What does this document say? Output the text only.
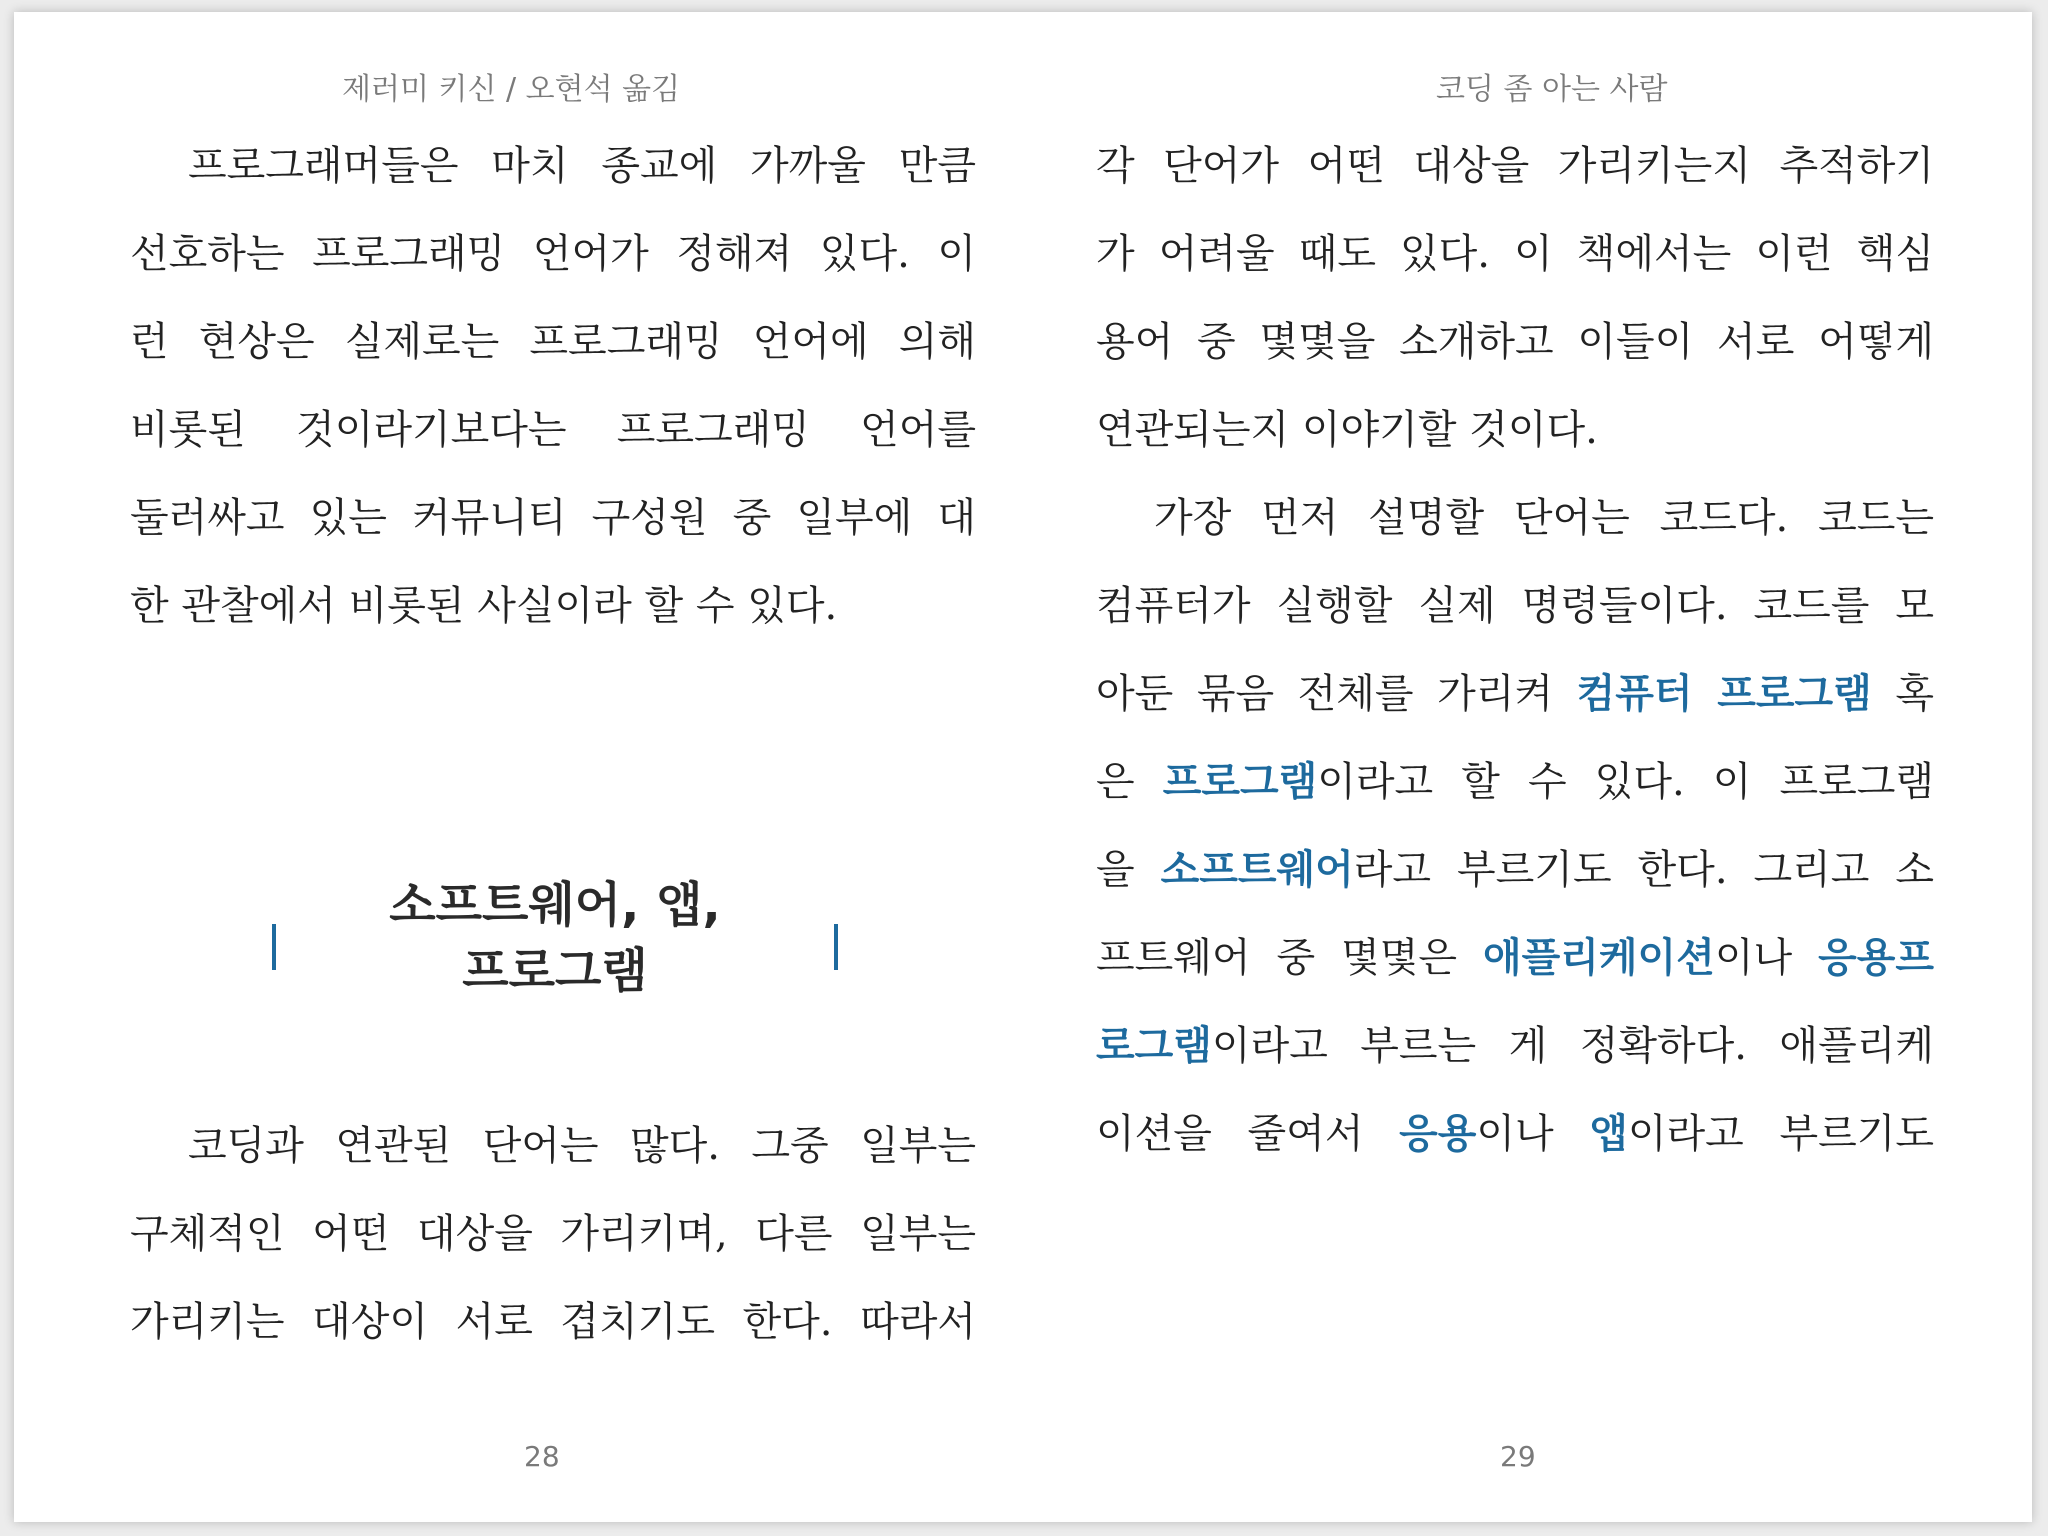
제러미 키신 / 오현석 옮김
프로그래머들은 마치 종교에 가까울 만큼
선호하는 프로그래밍 언어가 정해져 있다. 이
런 현상은 실제로는 프로그래밍 언어에 의해
비롯된 것이라기보다는 프로그래밍 언어를
둘러싸고 있는 커뮤니티 구성원 중 일부에 대
한 관찰에서 비롯된 사실이라 할 수 있다.
소프트웨어, 앱,
프로그램
코딩과 연관된 단어는 많다. 그중 일부는
구체적인 어떤 대상을 가리키며, 다른 일부는
가리키는 대상이 서로 겹치기도 한다. 따라서
28
코딩 좀 아는 사람
각 단어가 어떤 대상을 가리키는지 추적하기
가 어려울 때도 있다. 이 책에서는 이런 핵심
용어 중 몇몇을 소개하고 이들이 서로 어떻게
연관되는지 이야기할 것이다.
가장 먼저 설명할 단어는 코드다. 코드는
컴퓨터가 실행할 실제 명령들이다. 코드를 모
아둔 묶음 전체를 가리켜 컴퓨터 프로그램 혹
은 프로그램이라고 할 수 있다. 이 프로그램
을 소프트웨어라고 부르기도 한다. 그리고 소
프트웨어 중 몇몇은 애플리케이션이나 응용프
로그램이라고 부르는 게 정확하다. 애플리케
이션을 줄여서 응용이나 앱이라고 부르기도
29
